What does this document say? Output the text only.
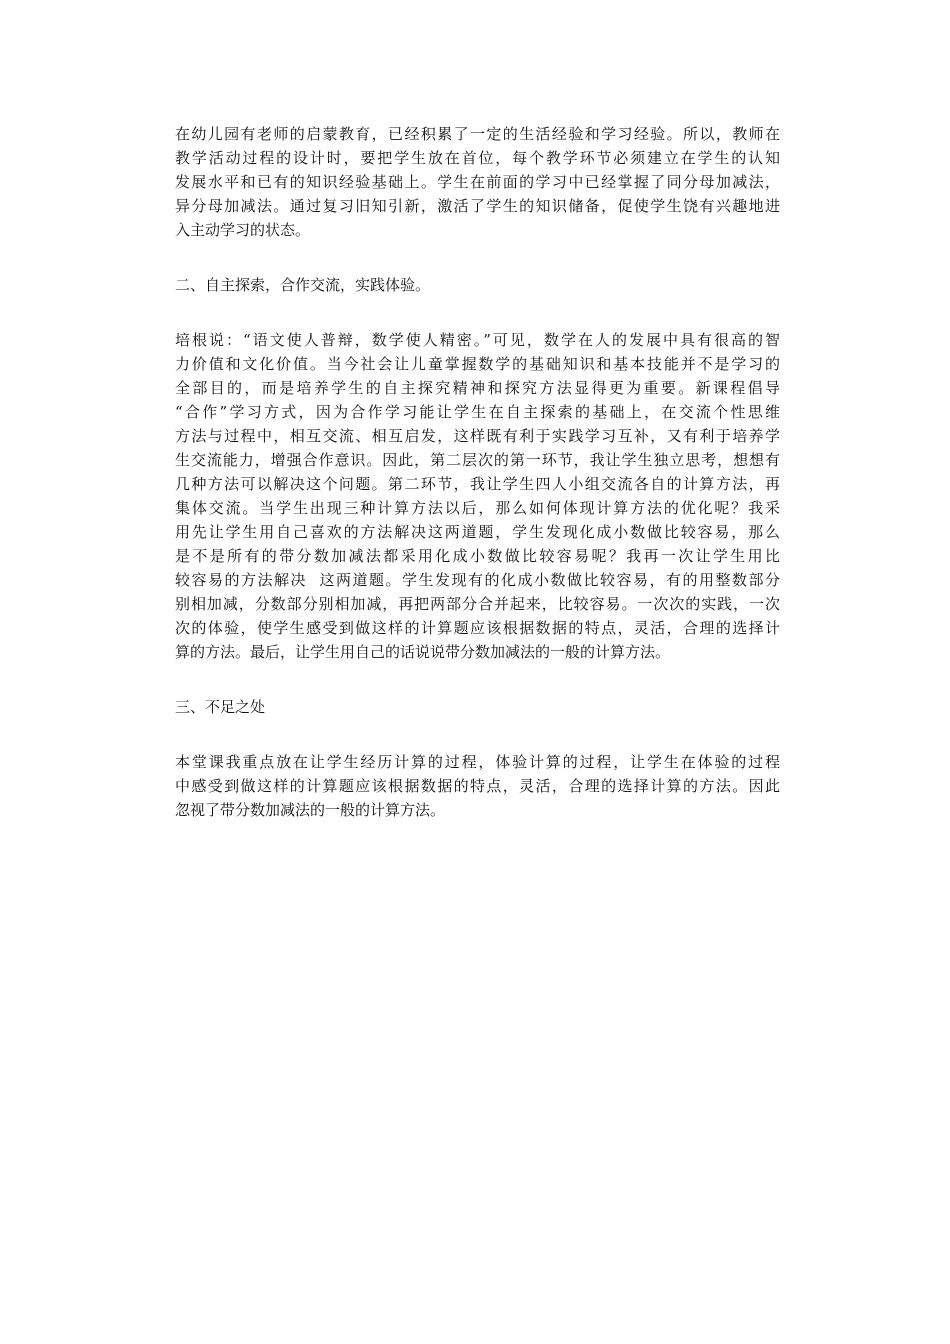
在幼儿园有老师的启蒙教育，已经积累了一定的生活经验和学习经验。所以，教师在
教学活动过程的设计时，要把学生放在首位，每个教学环节必须建立在学生的认知
发展水平和已有的知识经验基础上。学生在前面的学习中已经掌握了同分母加减法，
异分母加减法。通过复习旧知引新，激活了学生的知识储备，促使学生饶有兴趣地进
入主动学习的状态。
二、自主探索，合作交流，实践体验。
培根说：“语文使人普辩，数学使人精密。”可见，数学在人的发展中具有很高的智
力价值和文化价值。当今社会让儿童掌握数学的基础知识和基本技能并不是学习的
全部目的，而是培养学生的自主探究精神和探究方法显得更为重要。新课程倡导
“合作”学习方式，因为合作学习能让学生在自主探索的基础上，在交流个性思维
方法与过程中，相互交流、相互启发，这样既有利于实践学习互补，又有利于培养学
生交流能力，增强合作意识。因此，第二层次的第一环节，我让学生独立思考，想想有
几种方法可以解决这个问题。第二环节，我让学生四人小组交流各自的计算方法，再
集体交流。当学生出现三种计算方法以后，那么如何体现计算方法的优化呢？我采
用先让学生用自己喜欢的方法解决这两道题，学生发现化成小数做比较容易，那么
是不是所有的带分数加减法都采用化成小数做比较容易呢？我再一次让学生用比
较容易的方法解决  这两道题。学生发现有的化成小数做比较容易，有的用整数部分
别相加减，分数部分别相加减，再把两部分合并起来，比较容易。一次次的实践，一次
次的体验，使学生感受到做这样的计算题应该根据数据的特点，灵活，合理的选择计
算的方法。最后，让学生用自己的话说说带分数加减法的一般的计算方法。
三、不足之处
本堂课我重点放在让学生经历计算的过程，体验计算的过程，让学生在体验的过程
中感受到做这样的计算题应该根据数据的特点，灵活，合理的选择计算的方法。因此
忽视了带分数加减法的一般的计算方法。
